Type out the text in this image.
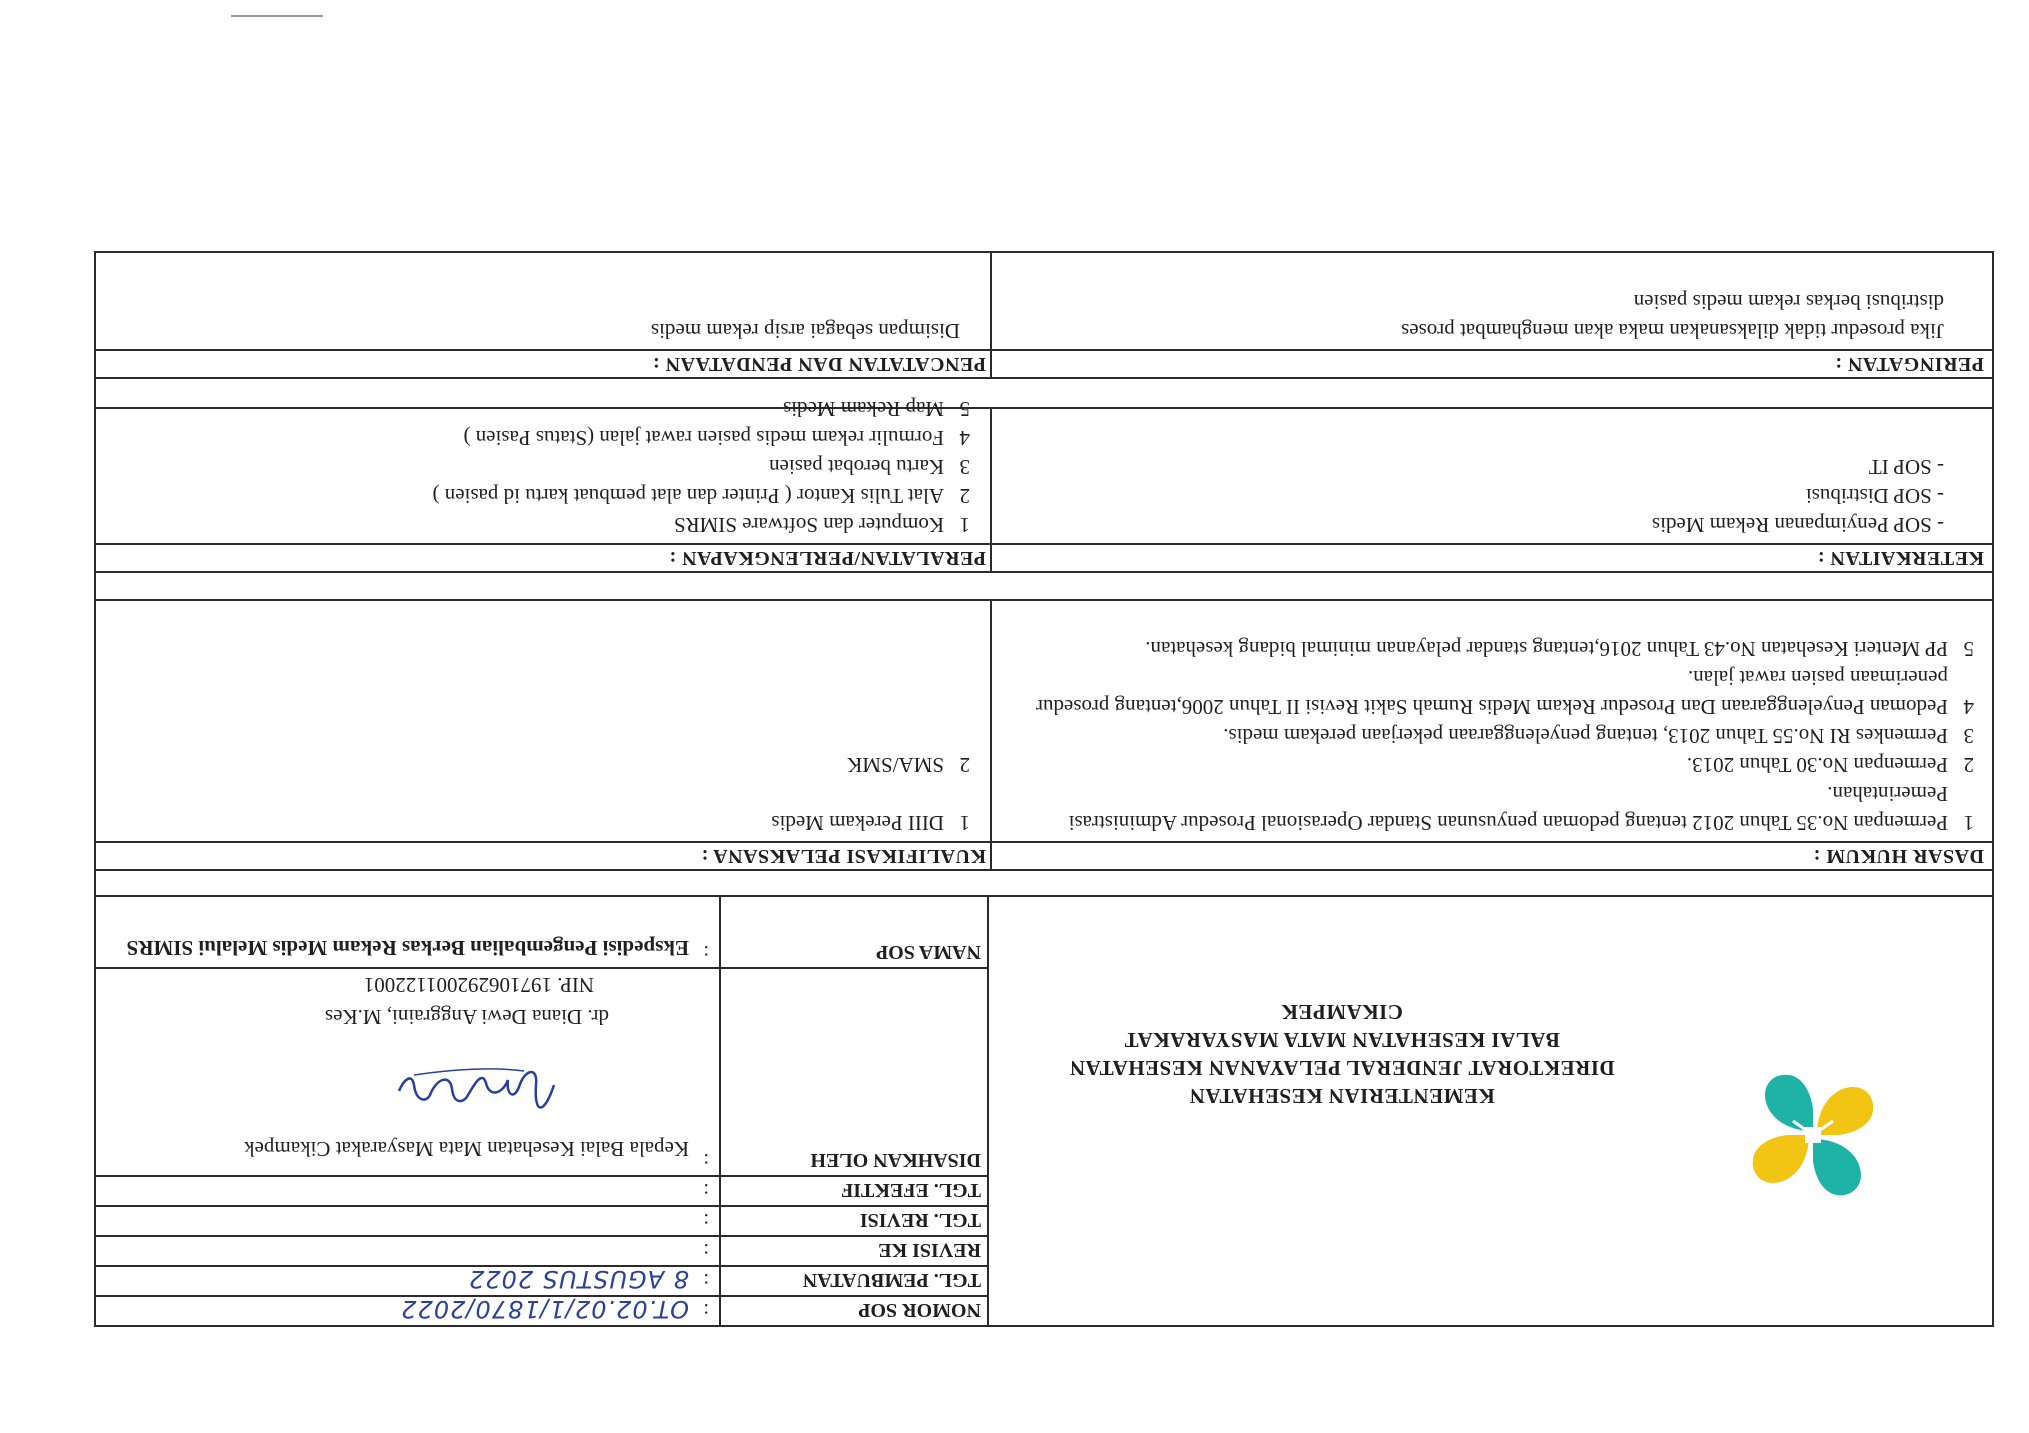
KEMENTERIAN KESEHATAN
DIREKTORAT JENDERAL PELAYANAN KESEHATAN
BALAI KESEHATAN MATA MASYARAKAT CIKAMPEK
NOMOR SOP
:
OT.02.02/1/1870/2022
TGL. PEMBUATAN
:
8 AGUSTUS 2022
REVISI KE
:
TGL. REVISI
:
TGL. EFEKTIF
:
DISAHKAN OLEH
:
Kepala Balai Kesehatan Mata Masyarakat Cikampek
dr. Diana Dewi Anggraini, M.Kes
NIP. 197106292001122001
NAMA SOP
:
Ekspedisi Pengembalian Berkas Rekam Medis Melalui SIMRS
DASAR HUKUM :
KUALIFIKASI PELAKSANA :
1
Permenpan No.35 Tahun 2012 tentang pedoman penyusunan Standar Operasional Prosedur Administrasi Pemerintahan.
2
Permenpan No.30 Tahun 2013.
3
Permenkes RI No.55 Tahun 2013, tentang penyelenggaraan pekerjaan perekam medis.
4
Pedoman Penyelenggaraan Dan Prosedur Rekam Medis Rumah Sakit Revisi II Tahun 2006,tentang prosedur penerimaan pasien rawat jalan.
5
PP Menteri Kesehatan No.43 Tahun 2016,tentang standar pelayanan minimal bidang kesehatan.
1
DIII Perekam Medis
2
SMA/SMK
KETERKAITAN :
PERALATAN/PERLENGKAPAN :
- SOP Penyimpanan Rekam Medis
- SOP Distribusi
- SOP IT
1
Komputer dan Software SIMRS
2
Alat Tulis Kantor ( Printer dan alat pembuat kartu id pasien )
3
Kartu berobat pasien
4
Formulir rekam medis pasien rawat jalan (Status Pasien )
5
Map Rekam Medis
PERINGATAN :
PENCATATAN DAN PENDATAAN :
Jika prosedur tidak dilaksanakan maka akan menghambat proses distribusi berkas rekam medis pasien
Disimpan sebagai arsip rekam medis
